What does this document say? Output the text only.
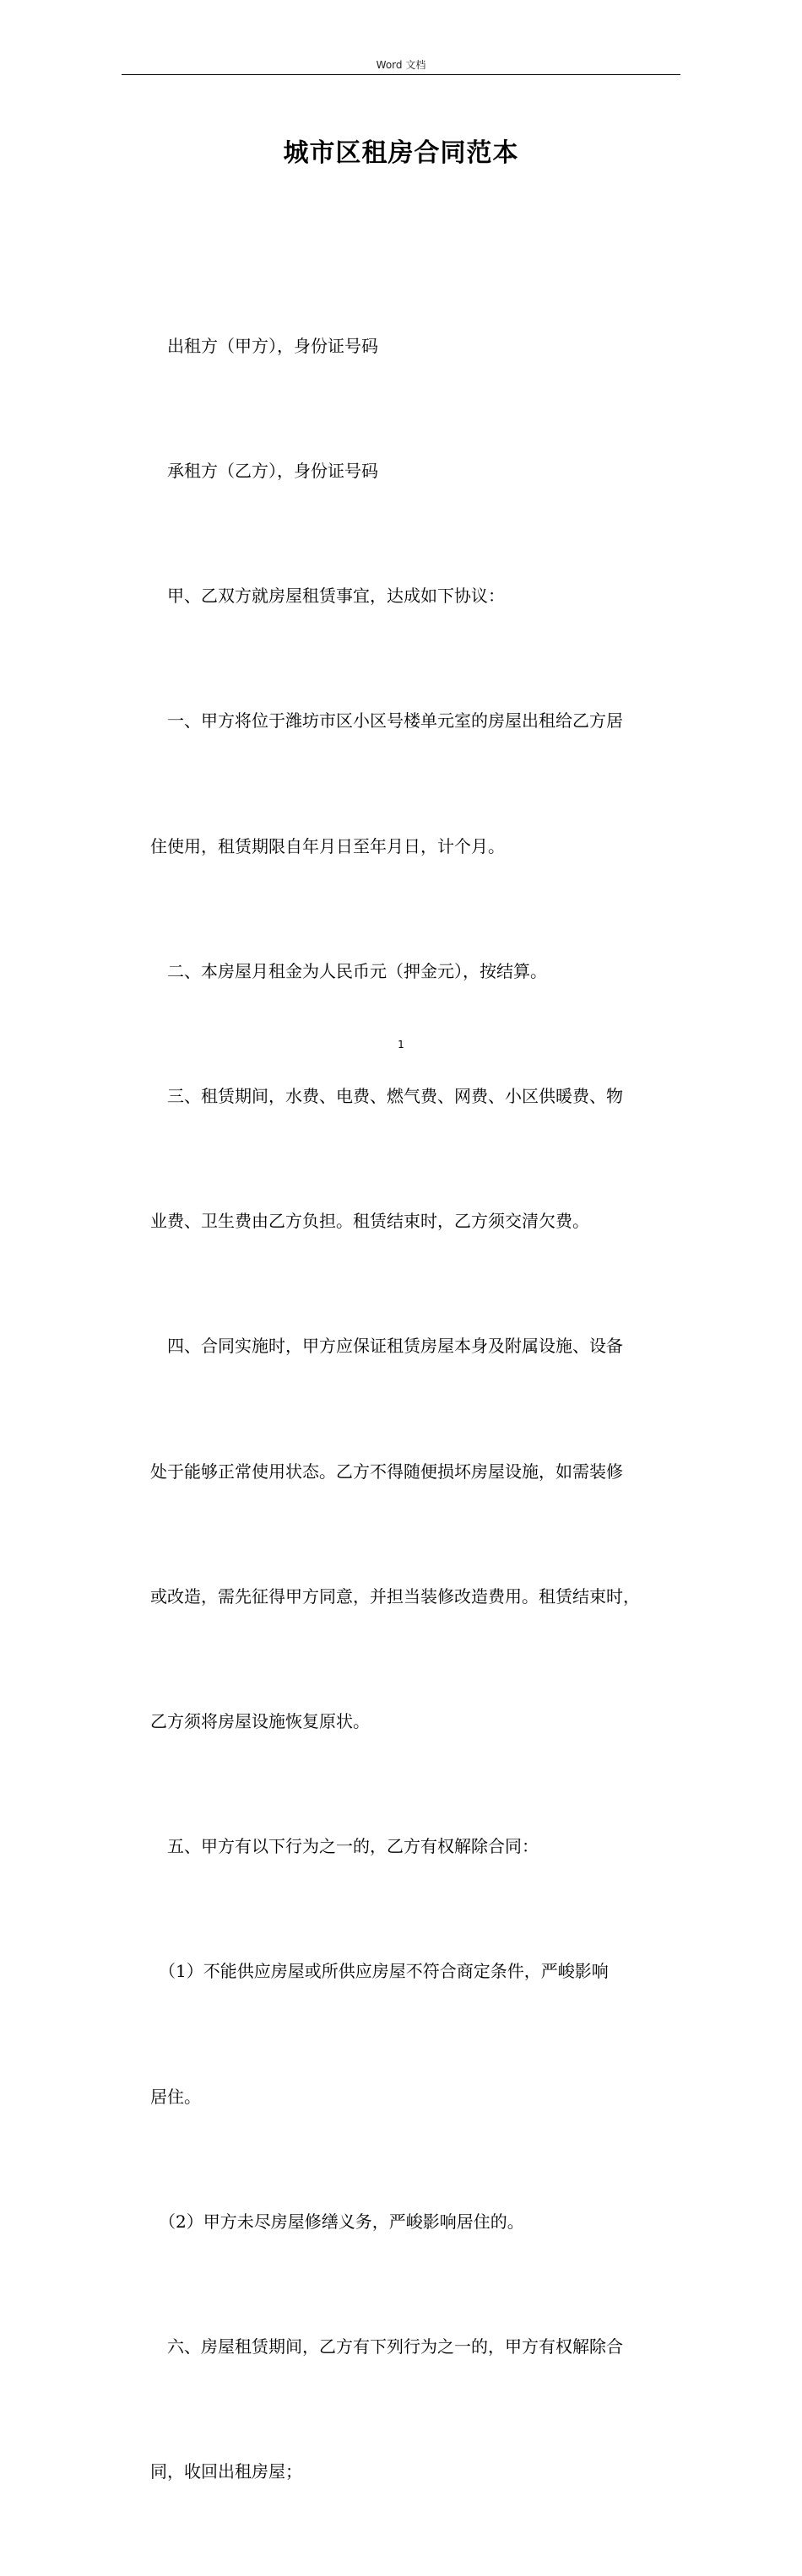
Word 文档
城市区租房合同范本

　出租方（甲方），身份证号码

　承租方（乙方），身份证号码

　甲、乙双方就房屋租赁事宜，达成如下协议：

　一、甲方将位于潍坊市区小区号楼单元室的房屋出租给乙方居

住使用，租赁期限自年月日至年月日，计个月。

　二、本房屋月租金为人民币元（押金元），按结算。

　三、租赁期间，水费、电费、燃气费、网费、小区供暖费、物

业费、卫生费由乙方负担。租赁结束时，乙方须交清欠费。

　四、合同实施时，甲方应保证租赁房屋本身及附属设施、设备

处于能够正常使用状态。乙方不得随便损坏房屋设施，如需装修

或改造，需先征得甲方同意，并担当装修改造费用。租赁结束时，

乙方须将房屋设施恢复原状。

　五、甲方有以下行为之一的，乙方有权解除合同：

　（1）不能供应房屋或所供应房屋不符合商定条件，严峻影响

居住。

　（2）甲方未尽房屋修缮义务，严峻影响居住的。

　六、房屋租赁期间，乙方有下列行为之一的，甲方有权解除合

同，收回出租房屋；

1
